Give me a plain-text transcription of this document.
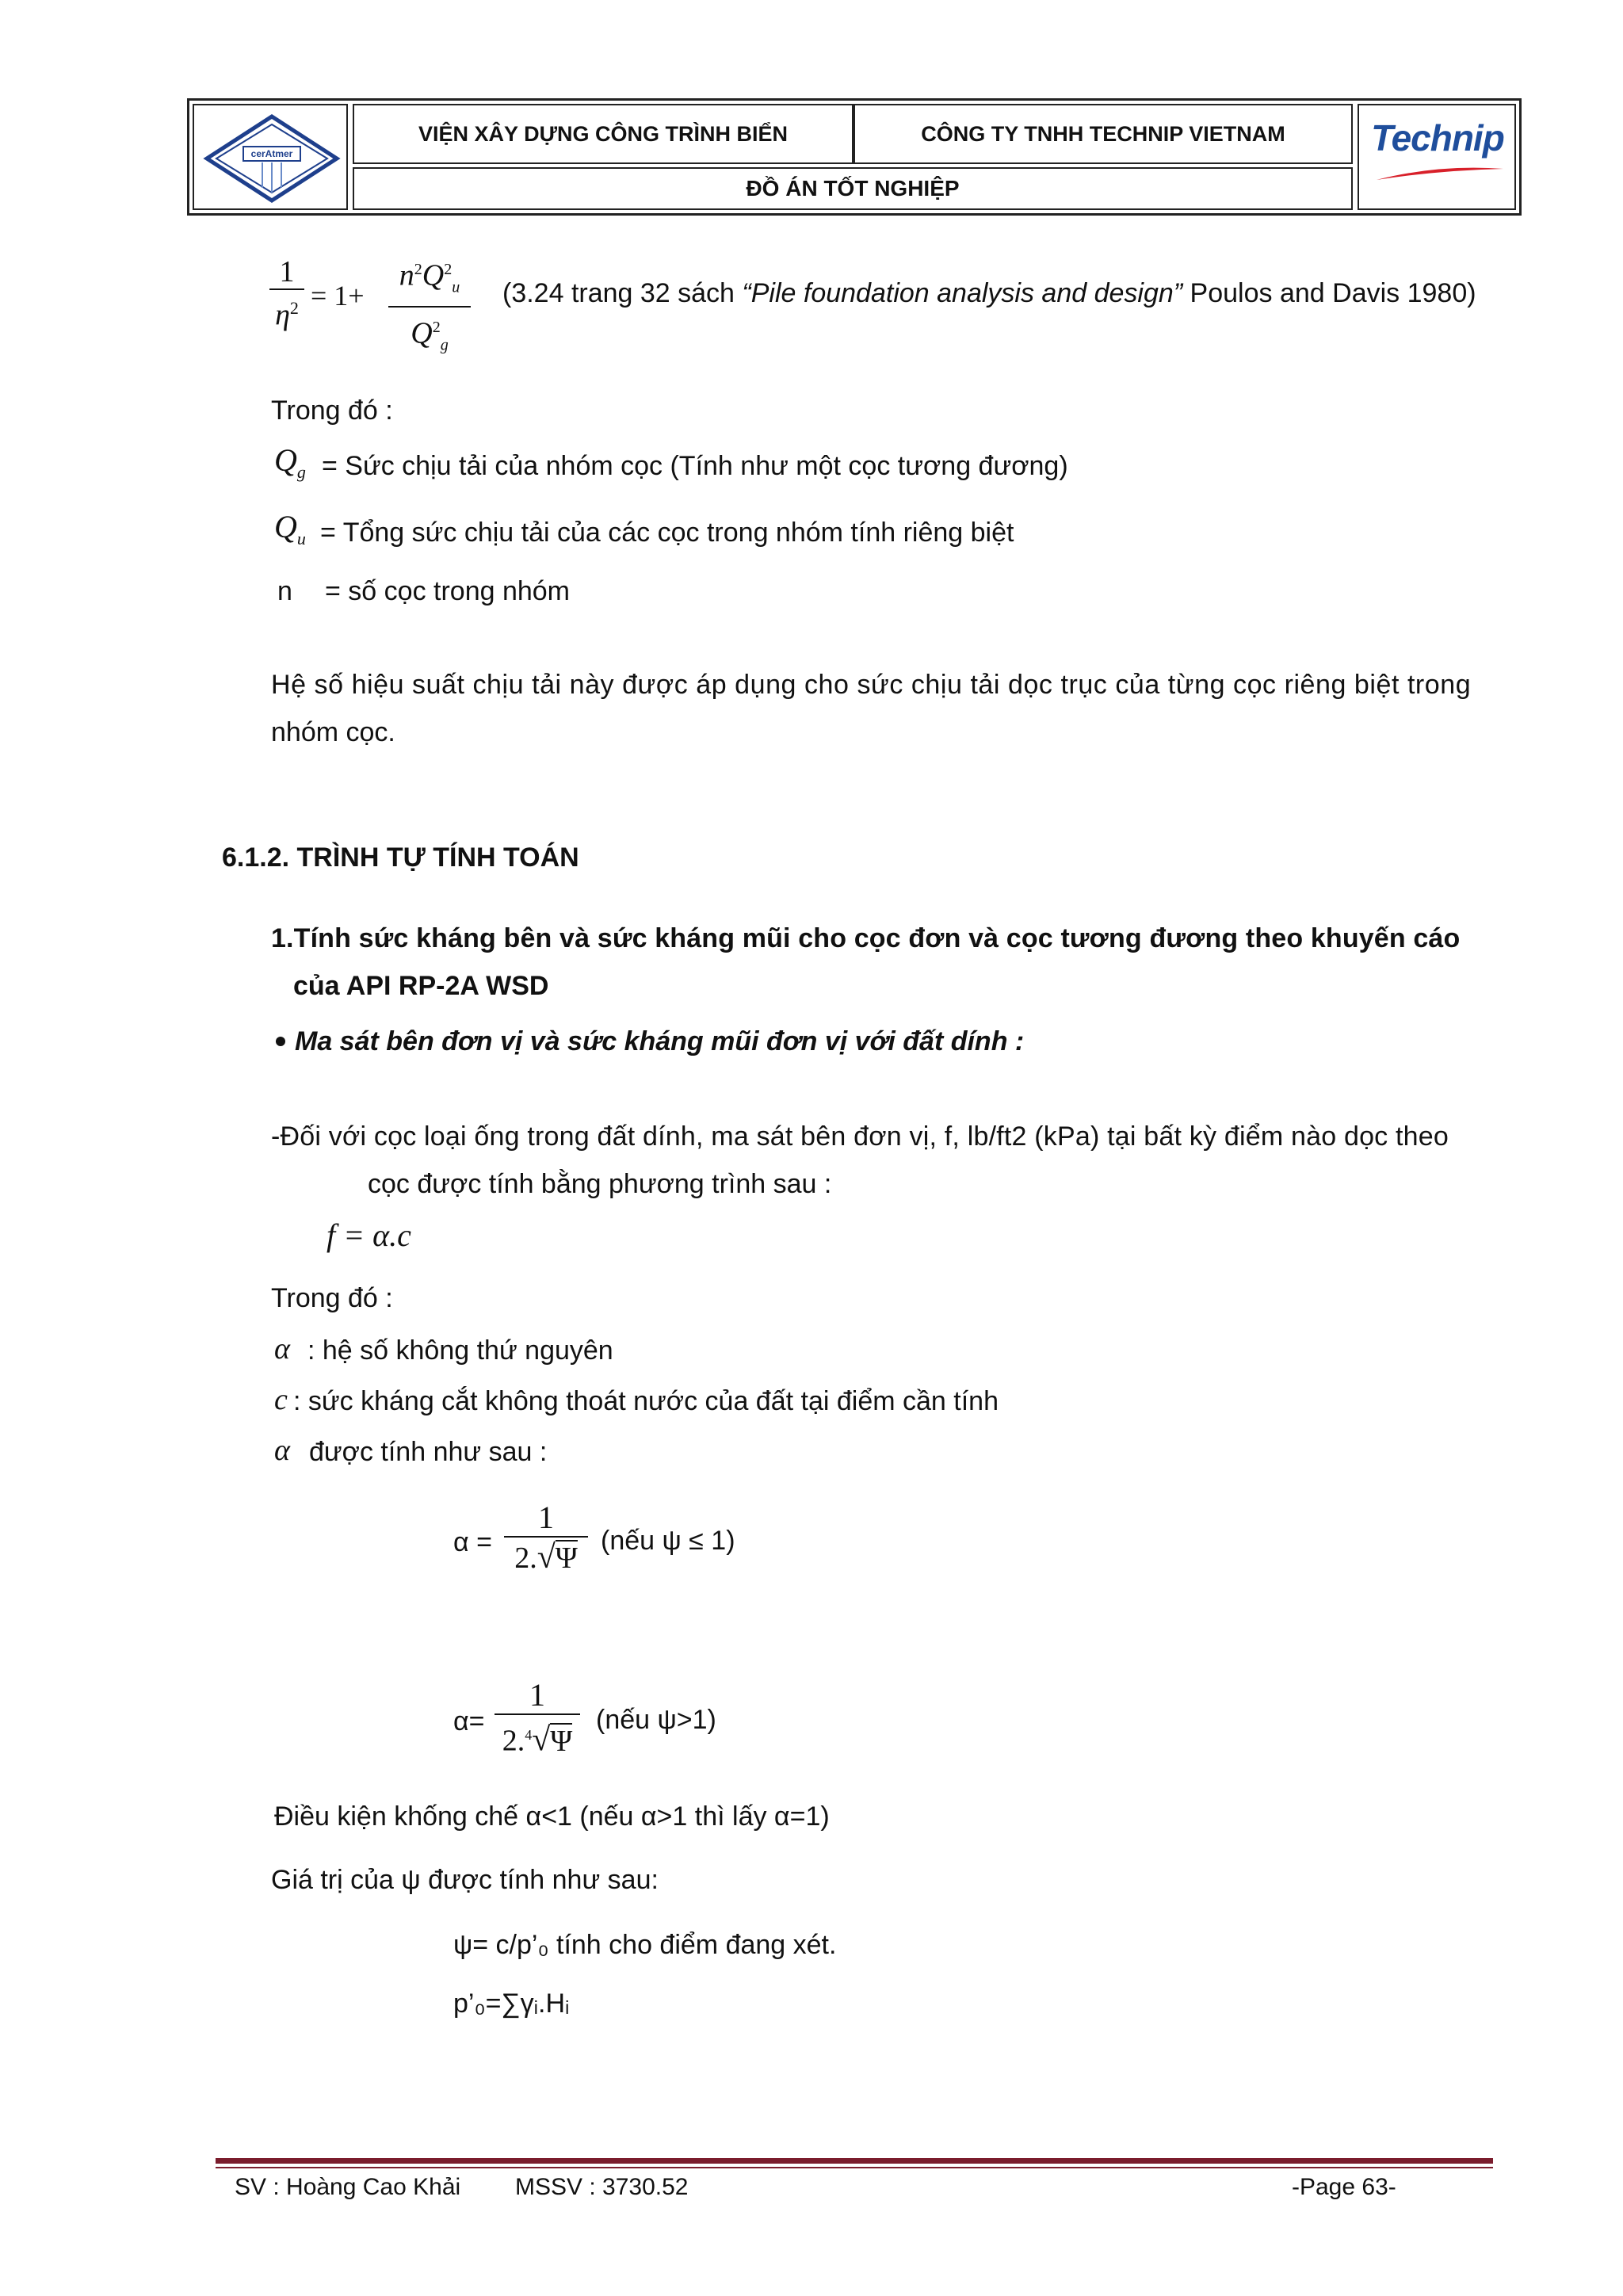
cerAtmer
VIỆN XÂY DỰNG CÔNG TRÌNH BIỂN	CÔNG TY TNHH TECHNIP VIETNAM
ĐỒ ÁN TỐT NGHIỆP
Technip
1
$\eta^2 = 1+$
$n^2Q^2_u$
$Q^2_g$
(3.24 trang 32 sách “Pile foundation analysis and design” Poulos and Davis 1980)
Trong đó :
$Q_g$ = Sức chịu tải của nhóm cọc (Tính như một cọc tương đương)
$Q_u$ = Tổng sức chịu tải của các cọc trong nhóm tính riêng biệt
n = số cọc trong nhóm
Hệ số hiệu suất chịu tải này được áp dụng cho sức chịu tải dọc trục của từng cọc riêng biệt trong
nhóm cọc.
6.1.2. TRÌNH TỰ TÍNH TOÁN
1.Tính sức kháng bên và sức kháng mũi cho cọc đơn và cọc tương đương theo khuyến cáo
của API RP-2A WSD
Ma sát bên đơn vị và sức kháng mũi đơn vị với đất dính :
-Đối với cọc loại ống trong đất dính, ma sát bên đơn vị, f, lb/ft2 (kPa) tại bất kỳ điểm nào dọc theo
cọc được tính bằng phương trình sau :
f = α.c
Trong đó :
α : hệ số không thứ nguyên
c : sức kháng cắt không thoát nước của đất tại điểm cần tính
α được tính như sau :
α =
1
2.√Ψ
(nếu ψ ≤ 1)
α=
1
2.$^4$√Ψ
(nếu ψ>1)
Điều kiện khống chế α<1 (nếu α>1 thì lấy α=1)
Giá trị của ψ được tính như sau:
ψ= c/p’₀ tính cho điểm đang xét.
p’₀=∑γᵢ.Hᵢ
SV : Hoàng Cao Khải MSSV : 3730.52	-Page 63-
